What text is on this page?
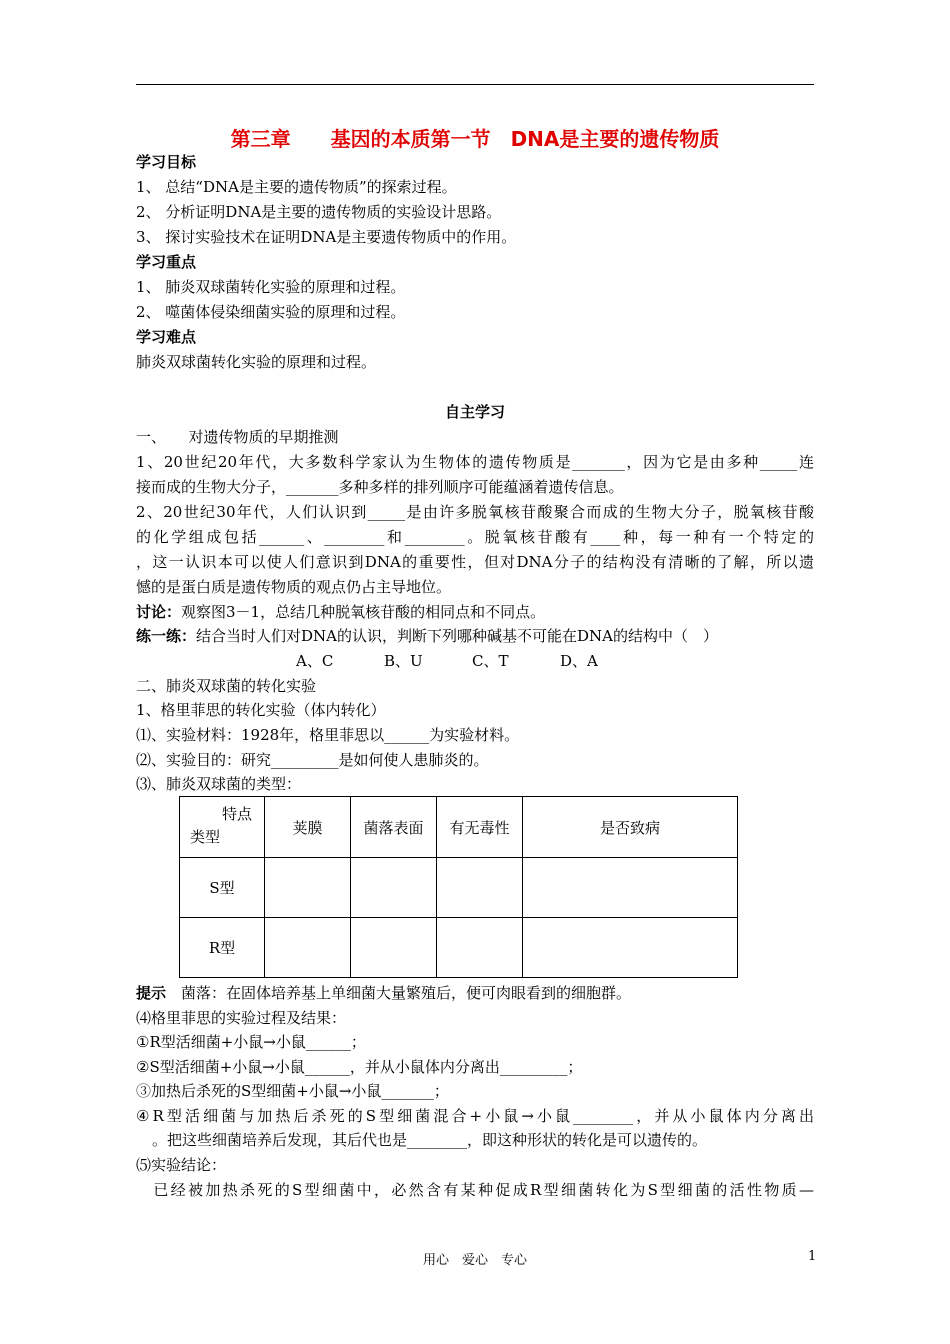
第三章　　基因的本质第一节　DNA是主要的遗传物质
学习目标
1、 总结“DNA是主要的遗传物质”的探索过程。
2、 分析证明DNA是主要的遗传物质的实验设计思路。
3、 探讨实验技术在证明DNA是主要遗传物质中的作用。
学习重点
1、 肺炎双球菌转化实验的原理和过程。
2、 噬菌体侵染细菌实验的原理和过程。
学习难点
肺炎双球菌转化实验的原理和过程。
自主学习
一、　　对遗传物质的早期推测
1、20世纪20年代，大多数科学家认为生物体的遗传物质是_______，因为它是由多种_____连
接而成的生物大分子，_______多种多样的排列顺序可能蕴涵着遗传信息。
2、20世纪30年代，人们认识到_____是由许多脱氧核苷酸聚合而成的生物大分子，脱氧核苷酸
的化学组成包括______、________和________。脱氧核苷酸有____种，每一种有一个特定的
，这一认识本可以使人们意识到DNA的重要性，但对DNA分子的结构没有清晰的了解，所以遗
憾的是蛋白质是遗传物质的观点仍占主导地位。
讨论：观察图3－1，总结几种脱氧核苷酸的相同点和不同点。
练一练：结合当时人们对DNA的认识，判断下列哪种碱基不可能在DNA的结构中（　）
A、C	B、U	C、T	D、A
二、肺炎双球菌的转化实验
1、格里菲思的转化实验（体内转化）
⑴、实验材料：1928年，格里菲思以______为实验材料。
⑵、实验目的：研究_________是如何使人患肺炎的。
⑶、肺炎双球菌的类型：
特点
类型	荚膜	菌落表面	有无毒性	是否致病
S型				
R型				
提示　菌落：在固体培养基上单细菌大量繁殖后，便可肉眼看到的细胞群。
⑷格里菲思的实验过程及结果：
①R型活细菌+小鼠→小鼠______；
②S型活细菌+小鼠→小鼠______，并从小鼠体内分离出_________；
③加热后杀死的S型细菌+小鼠→小鼠_______；
④R型活细菌与加热后杀死的S型细菌混合+小鼠→小鼠________，并从小鼠体内分离出
。把这些细菌培养后发现，其后代也是________，即这种形状的转化是可以遗传的。
⑸实验结论：
　已经被加热杀死的S型细菌中，必然含有某种促成R型细菌转化为S型细菌的活性物质—
用心　爱心　专心	1
